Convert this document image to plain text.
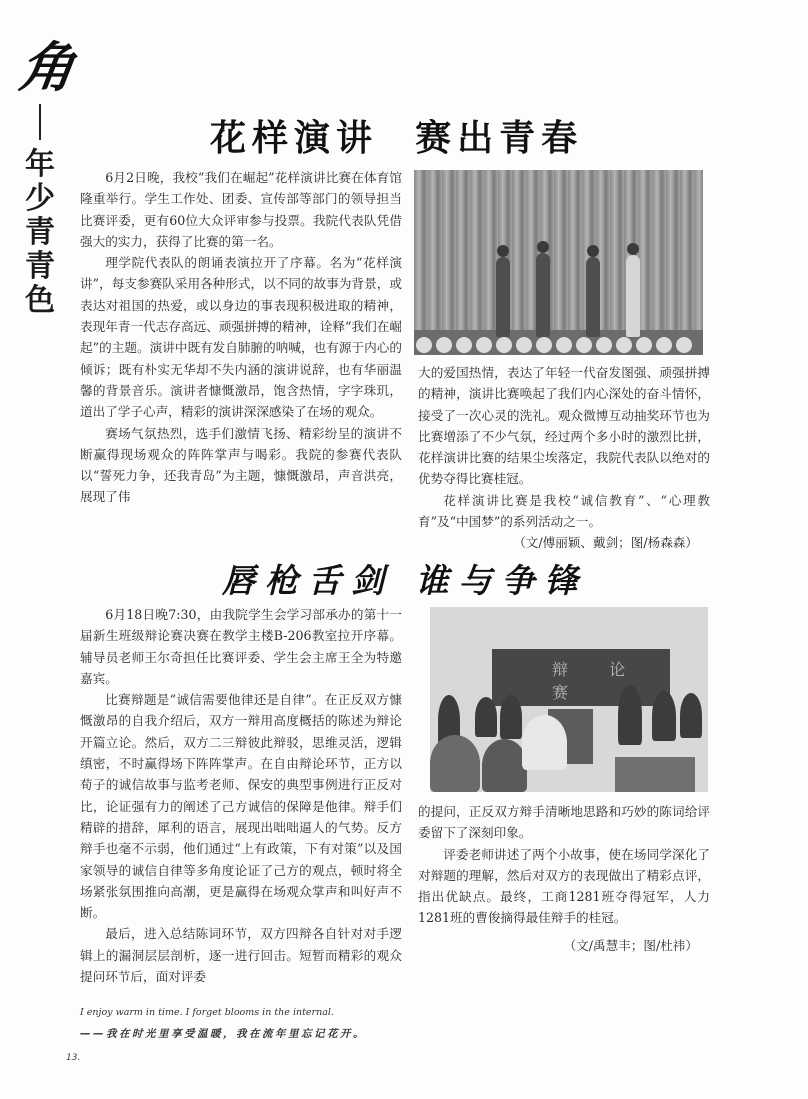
角
年
少
青
青
色
花样演讲  赛出青春

6月2日晚，我校“我们在崛起”花样演讲比赛在体育馆隆重举行。学生工作处、团委、宣传部等部门的领导担当比赛评委，更有60位大众评审参与投票。我院代表队凭借强大的实力，获得了比赛的第一名。

理学院代表队的朗诵表演拉开了序幕。名为“花样演讲”，每支参赛队采用各种形式，以不同的故事为背景，或表达对祖国的热爱，或以身边的事表现积极进取的精神，表现年青一代志存高远、顽强拼搏的精神，诠释“我们在崛起”的主题。演讲中既有发自肺腑的呐喊，也有源于内心的倾诉；既有朴实无华却不失内涵的演讲说辞，也有华丽温馨的背景音乐。演讲者慷慨激昂，饱含热情，字字珠玑，道出了学子心声，精彩的演讲深深感染了在场的观众。

赛场气氛热烈，选手们激情飞扬、精彩纷呈的演讲不断赢得现场观众的阵阵掌声与喝彩。我院的参赛代表队以“誓死力争，还我青岛”为主题，慷慨激昂，声音洪亮，展现了伟

大的爱国热情，表达了年轻一代奋发图强、顽强拼搏的精神，演讲比赛唤起了我们内心深处的奋斗情怀，接受了一次心灵的洗礼。观众微博互动抽奖环节也为比赛增添了不少气氛，经过两个多小时的激烈比拼，花样演讲比赛的结果尘埃落定，我院代表队以绝对的优势夺得比赛桂冠。

花样演讲比赛是我校“诚信教育”、“心理教育”及“中国梦”的系列活动之一。

（文/傅丽颖、戴剑；图/杨森森）
唇枪舌剑 谁与争锋

6月18日晚7:30，由我院学生会学习部承办的第十一届新生班级辩论赛决赛在教学主楼B-206教室拉开序幕。辅导员老师王尔奇担任比赛评委、学生会主席王全为特邀嘉宾。

比赛辩题是“诚信需要他律还是自律”。在正反双方慷慨激昂的自我介绍后，双方一辩用高度概括的陈述为辩论开篇立论。然后，双方二三辩彼此辩驳，思维灵活，逻辑缜密，不时赢得场下阵阵掌声。在自由辩论环节，正方以荀子的诚信故事与监考老师、保安的典型事例进行正反对比，论证强有力的阐述了己方诚信的保障是他律。辩手们精辟的措辞，犀利的语言，展现出咄咄逼人的气势。反方辩手也毫不示弱，他们通过“上有政策，下有对策”以及国家领导的诚信自律等多角度论证了己方的观点，顿时将全场紧张氛围推向高潮，更是赢得在场观众掌声和叫好声不断。

最后，进入总结陈词环节，双方四辩各自针对对手逻辑上的漏洞层层剖析，逐一进行回击。短暂而精彩的观众提问环节后，面对评委

辩 论 赛

的提问，正反双方辩手清晰地思路和巧妙的陈词给评委留下了深刻印象。

评委老师讲述了两个小故事，使在场同学深化了对辩题的理解，然后对双方的表现做出了精彩点评，指出优缺点。最终，工商1281班夺得冠军，人力1281班的曹俊摘得最佳辩手的桂冠。

（文/禹慧丰；图/杜祎）
I enjoy warm in time. I forget blooms in the internal.
——我在时光里享受温暖，我在流年里忘记花开。
13.
